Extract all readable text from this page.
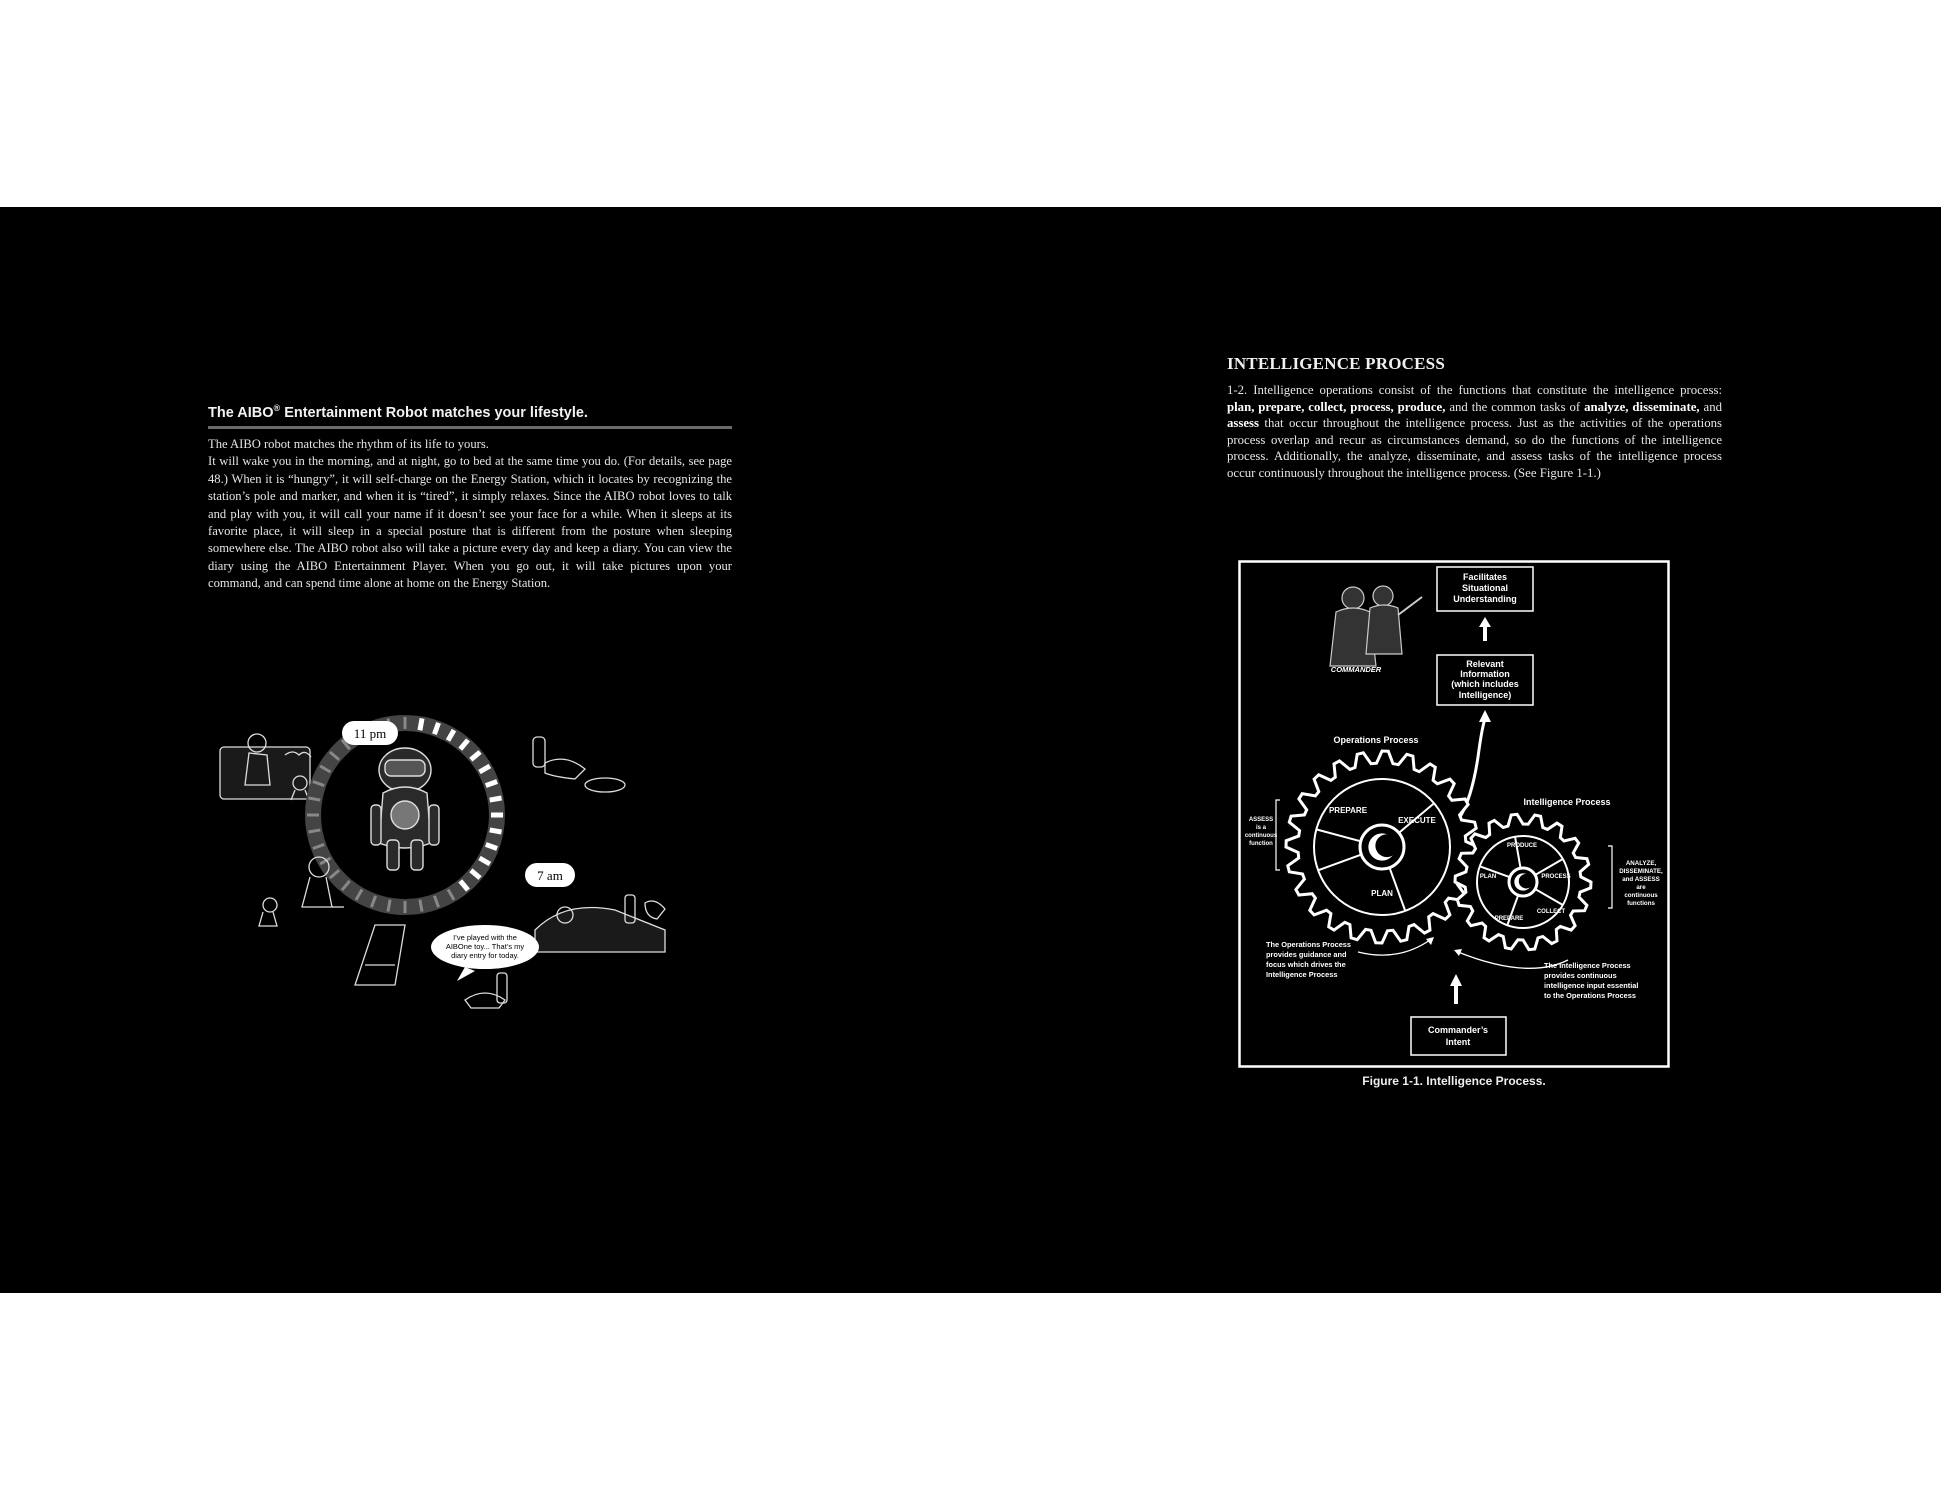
The AIBO® Entertainment Robot matches your lifestyle.

The AIBO robot matches the rhythm of its life to yours.

It will wake you in the morning, and at night, go to bed at the same time you do. (For details, see page 48.) When it is “hungry”, it will self-charge on the Energy Station, which it locates by recognizing the station’s pole and marker, and when it is “tired”, it simply relaxes. Since the AIBO robot loves to talk and play with you, it will call your name if it doesn’t see your face for a while. When it sleeps at its favorite place, it will sleep in a special posture that is different from the posture when sleeping somewhere else. The AIBO robot also will take a picture every day and keep a diary. You can view the diary using the AIBO Entertainment Player. When you go out, it will take pictures upon your command, and can spend time alone at home on the Energy Station.

11 pm
7 am
I’ve played with the
AIBOne toy... That’s my
diary entry for today.
INTELLIGENCE PROCESS
1-2. Intelligence operations consist of the functions that constitute the intelligence process: plan, prepare, collect, process, produce, and the common tasks of analyze, disseminate, and assess that occur throughout the intelligence process. Just as the activities of the operations process overlap and recur as circumstances demand, so do the functions of the intelligence process. Additionally, the analyze, disseminate, and assess tasks of the intelligence process occur continuously throughout the intelligence process. (See Figure 1-1.)
COMMANDER
Facilitates
Situational
Understanding
Relevant
Information
(which includes
Intelligence)
Operations Process
Intelligence Process
PREPARE
EXECUTE
PLAN
PRODUCE
PLAN	PROCESS
PREPARE
COLLECT
ASSESS
is a
continuous
function
ANALYZE,
DISSEMINATE,
and ASSESS
are
continuous
functions
The Operations Process
provides guidance and
focus which drives the
Intelligence Process
The Intelligence Process
provides continuous
intelligence input essential
to the Operations Process
Commander’s
Intent
Figure 1-1. Intelligence Process.
